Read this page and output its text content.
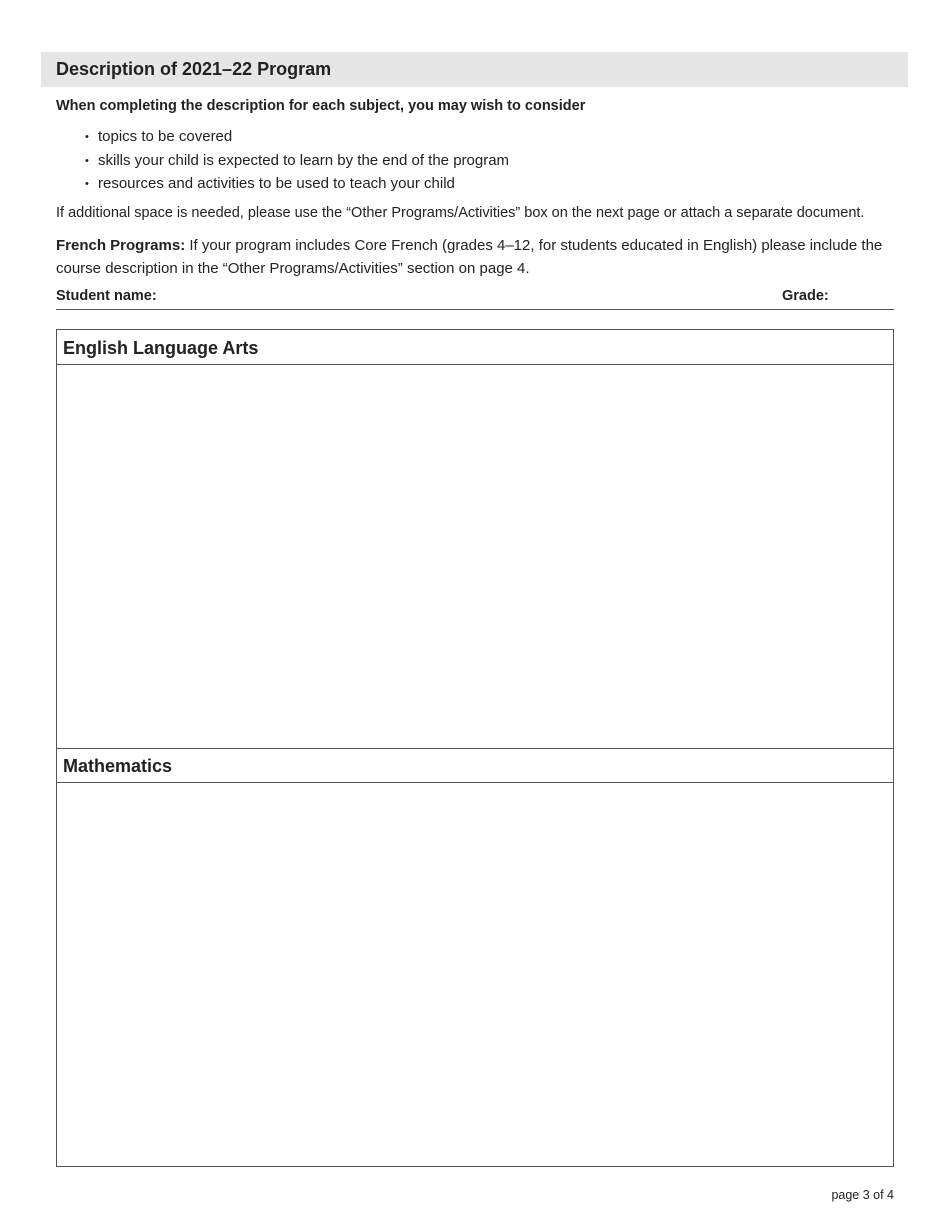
Description of 2021–22 Program
When completing the description for each subject, you may wish to consider
• topics to be covered
• skills your child is expected to learn by the end of the program
• resources and activities to be used to teach your child
If additional space is needed, please use the “Other Programs/Activities” box on the next page or attach a separate document.
French Programs: If your program includes Core French (grades 4–12, for students educated in English) please include the course description in the “Other Programs/Activities” section on page 4.
Student name:	Grade:
English Language Arts
Mathematics
page 3 of 4
